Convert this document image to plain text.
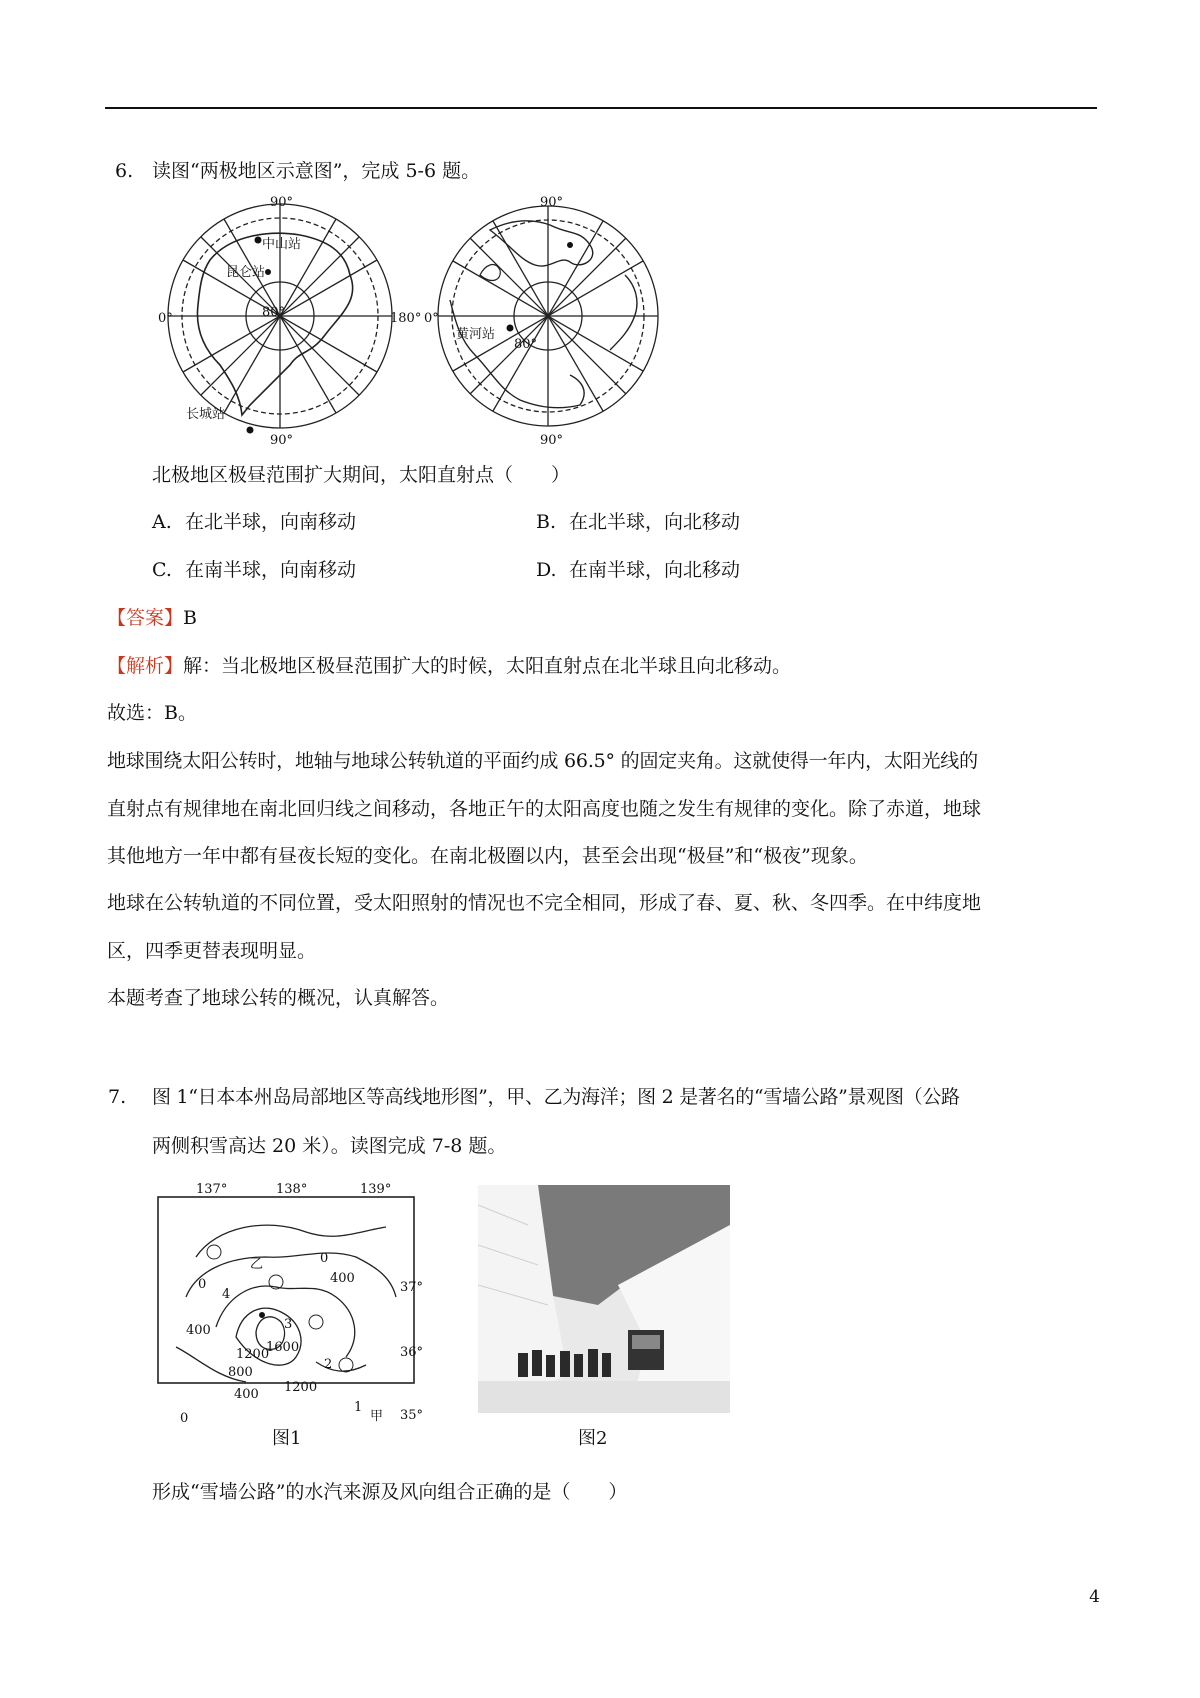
6. 读图“两极地区示意图”，完成 5-6 题。
90°
90°
0°	180°
80°
中山站
昆仑站
长城站
90°
90°
0°
80°
黄河站
北极地区极昼范围扩大期间，太阳直射点（　　）
A. 在北半球，向南移动	B. 在北半球，向北移动
C. 在南半球，向南移动	D. 在南半球，向北移动
【答案】B
【解析】解：当北极地区极昼范围扩大的时候，太阳直射点在北半球且向北移动。
故选：B。
地球围绕太阳公转时，地轴与地球公转轨道的平面约成 66.5° 的固定夹角。这就使得一年内，太阳光线的
直射点有规律地在南北回归线之间移动，各地正午的太阳高度也随之发生有规律的变化。除了赤道，地球
其他地方一年中都有昼夜长短的变化。在南北极圈以内，甚至会出现“极昼”和“极夜”现象。
地球在公转轨道的不同位置，受太阳照射的情况也不完全相同，形成了春、夏、秋、冬四季。在中纬度地
区，四季更替表现明显。
本题考查了地球公转的概况，认真解答。
7. 图 1“日本本州岛局部地区等高线地形图”，甲、乙为海洋；图 2 是著名的“雪墙公路”景观图（公路
两侧积雪高达 20 米）。读图完成 7-8 题。
137°	138°	139°
37°
36°
35°
0
400
400
400
800
1200
1200
1600
0
0
乙
甲
1
2
3
4
图1	图2
形成“雪墙公路”的水汽来源及风向组合正确的是（　　）
4
